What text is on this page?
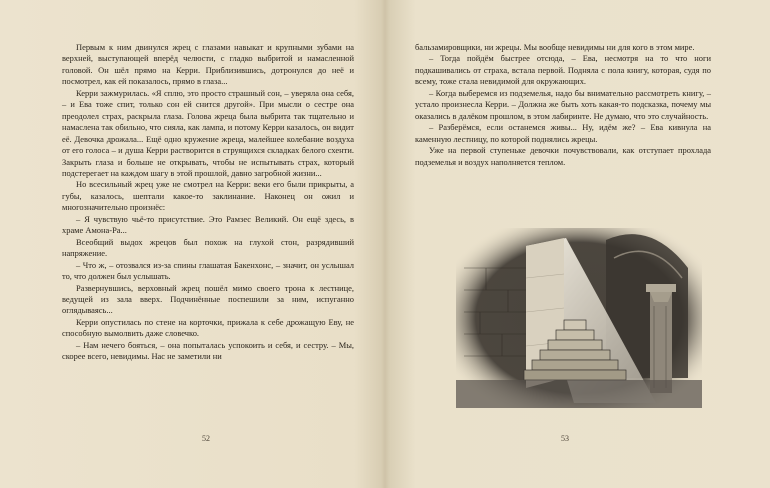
Первым к ним двинулся жрец с глазами навыкат и крупными зубами на верхней, выступающей вперёд челюсти, с гладко выбритой и намасленной головой. Он шёл прямо на Керри. Приблизившись, дотронулся до неё и посмотрел, как ей показалось, прямо в глаза...

Керри зажмурилась. «Я сплю, это просто страшный сон, – уверяла она себя, – и Ева тоже спит, только сон ей снится другой». При мысли о сестре она преодолел страх, раскрыла глаза. Голова жреца была выбрита так тщательно и намаслена так обильно, что сияла, как лампа, и потому Керри казалось, он видит её. Девочка дрожала... Ещё одно кружение жреца, малейшее колебание воздуха от его голоса – и душа Керри растворится в струящихся складках белого схенти. Закрыть глаза и больше не открывать, чтобы не испытывать страх, который подстерегает на каждом шагу в этой прошлой, давно загробной жизни...

Но всесильный жрец уже не смотрел на Керри: веки его были прикрыты, а губы, казалось, шептали какое-то заклинание. Наконец он ожил и многозначительно произнёс:

– Я чувствую чьё-то присутствие. Это Рамзес Великий. Он ещё здесь, в храме Амона-Ра...

Всеобщий выдох жрецов был похож на глухой стон, разрядивший напряжение.

– Что ж, – отозвался из-за спины глашатая Бакенхонс, – значит, он услышал то, что должен был услышать.

Развернувшись, верховный жрец пошёл мимо своего трона к лестнице, ведущей из зала вверх. Подчинённые поспешили за ним, испуганно оглядываясь...

Керри опустилась по стене на корточки, прижала к себе дрожащую Еву, не способную вымолвить даже словечко.

– Нам нечего бояться, – она попыталась успокоить и себя, и сестру. – Мы, скорее всего, невидимы. Нас не заметили ни

52

бальзамировщики, ни жрецы. Мы вообще невидимы ни для кого в этом мире.

– Тогда пойдём быстрее отсюда, – Ева, несмотря на то что ноги подкашивались от страха, встала первой. Подняла с пола книгу, которая, судя по всему, тоже стала невидимой для окружающих.

– Когда выберемся из подземелья, надо бы внимательно рассмотреть книгу, – устало произнесла Керри. – Должна же быть хоть какая-то подсказка, почему мы оказались в далёком прошлом, в этом лабиринте. Не думаю, что это случайность.

– Разберёмся, если останемся живы... Ну, идём же? – Ева кивнула на каменную лестницу, по которой поднялись жрецы.

Уже на первой ступеньке девочки почувствовали, как отступает прохлада подземелья и воздух наполняется теплом.

53
